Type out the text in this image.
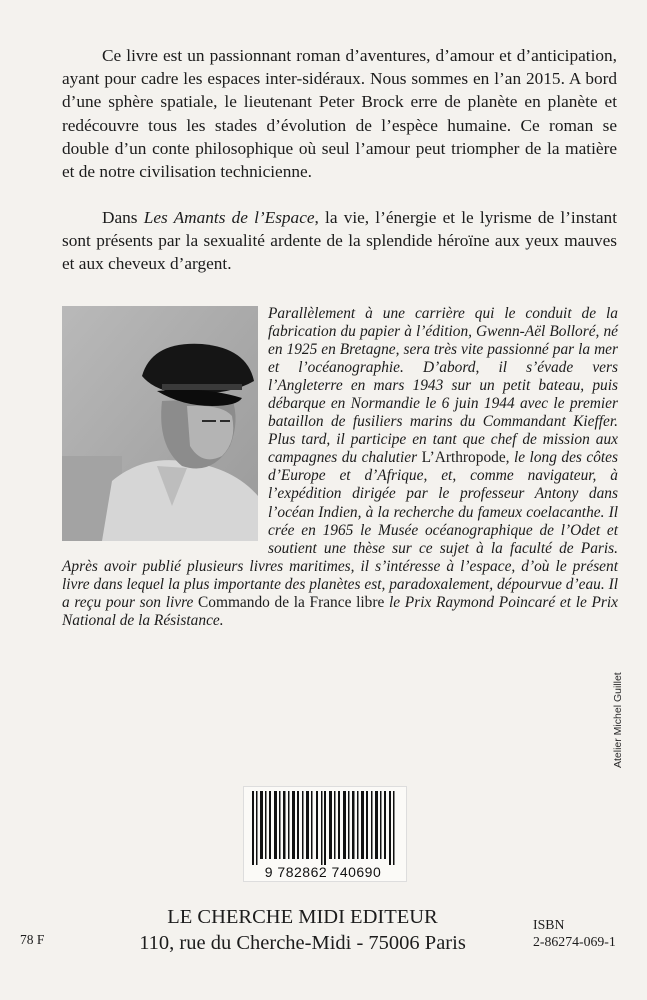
Ce livre est un passionnant roman d’aventures, d’amour et d’anticipation, ayant pour cadre les espaces inter-sidéraux. Nous sommes en l’an 2015. A bord d’une sphère spatiale, le lieutenant Peter Brock erre de planète en planète et redécouvre tous les stades d’évolution de l’espèce humaine. Ce roman se double d’un conte philosophique où seul l’amour peut triompher de la matière et de notre civilisation technicienne.

Dans Les Amants de l’Espace, la vie, l’énergie et le lyrisme de l’instant sont présents par la sexualité ardente de la splendide héroïne aux yeux mauves et aux cheveux d’argent.

Parallèlement à une carrière qui le conduit de la fabrication du papier à l’édition, Gwenn-Aël Bolloré, né en 1925 en Bretagne, sera très vite passionné par la mer et l’océanographie. D’abord, il s’évade vers l’Angleterre en mars 1943 sur un petit bateau, puis débarque en Normandie le 6 juin 1944 avec le premier bataillon de fusiliers marins du Commandant Kieffer. Plus tard, il participe en tant que chef de mission aux campagnes du chalutier L’Arthropode, le long des côtes d’Europe et d’Afrique, et, comme navigateur, à l’expédition dirigée par le professeur Antony dans l’océan Indien, à la recherche du fameux coelacanthe. Il crée en 1965 le Musée océanographique de l’Odet et soutient une thèse sur ce sujet à la faculté de Paris. Après avoir publié plusieurs livres maritimes, il s’intéresse à l’espace, d’où le présent livre dans lequel la plus importante des planètes est, paradoxalement, dépourvue d’eau. Il a reçu pour son livre Commando de la France libre le Prix Raymond Poincaré et le Prix National de la Résistance.

Atelier Michel Guillet
9 782862 740690
LE CHERCHE MIDI EDITEUR
110, rue du Cherche-Midi - 75006 Paris
78 F
ISBN
2-86274-069-1
